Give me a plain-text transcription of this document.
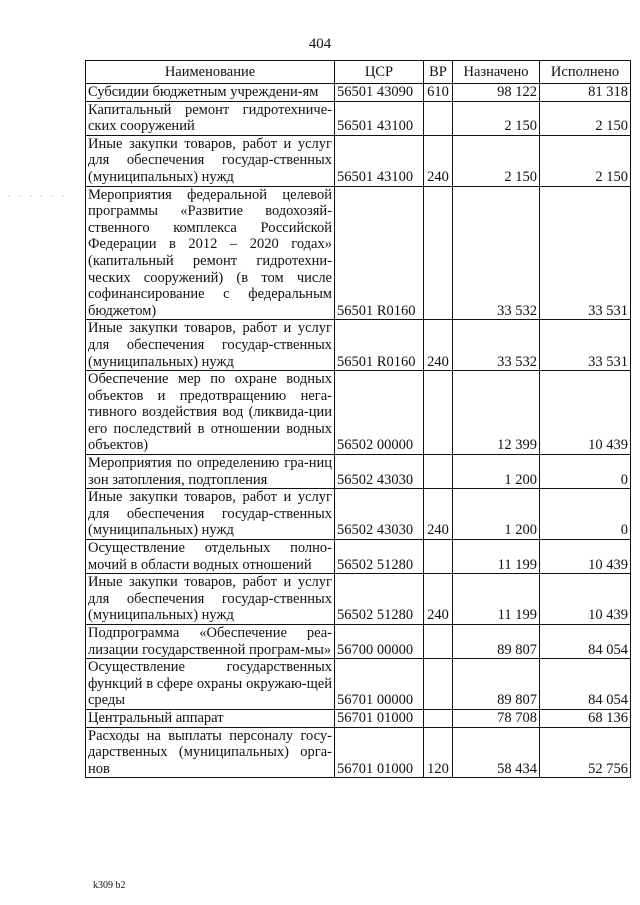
404
Наименование	ЦСР	ВР	Назначено	Исполнено
Субсидии бюджетным учреждени-ям	56501 43090	610	98 122	81 318
Капитальный ремонт гидротехниче-ских сооружений	56501 43100		2 150	2 150
Иные закупки товаров, работ и услуг для обеспечения государ-ственных (муниципальных) нужд	56501 43100	240	2 150	2 150
Мероприятия федеральной целевой программы «Развитие водохозяй-ственного комплекса Российской Федерации в 2012 – 2020 годах» (капитальный ремонт гидротехни-ческих сооружений) (в том числе софинансирование с федеральным бюджетом)	56501 R0160		33 532	33 531
Иные закупки товаров, работ и услуг для обеспечения государ-ственных (муниципальных) нужд	56501 R0160	240	33 532	33 531
Обеспечение мер по охране водных объектов и предотвращению нега-тивного воздействия вод (ликвида-ции его последствий в отношении водных объектов)	56502 00000		12 399	10 439
Мероприятия по определению гра-ниц зон затопления, подтопления	56502 43030		1 200	0
Иные закупки товаров, работ и услуг для обеспечения государ-ственных (муниципальных) нужд	56502 43030	240	1 200	0
Осуществление отдельных полно-мочий в области водных отношений	56502 51280		11 199	10 439
Иные закупки товаров, работ и услуг для обеспечения государ-ственных (муниципальных) нужд	56502 51280	240	11 199	10 439
Подпрограмма «Обеспечение реа-лизации государственной програм-мы»	56700 00000		89 807	84 054
Осуществление государственных функций в сфере охраны окружаю-щей среды	56701 00000		89 807	84 054
Центральный аппарат	56701 01000		78 708	68 136
Расходы на выплаты персоналу госу-дарственных (муниципальных) орга-нов	56701 01000	120	58 434	52 756
· · · · · ·
k309 b2
